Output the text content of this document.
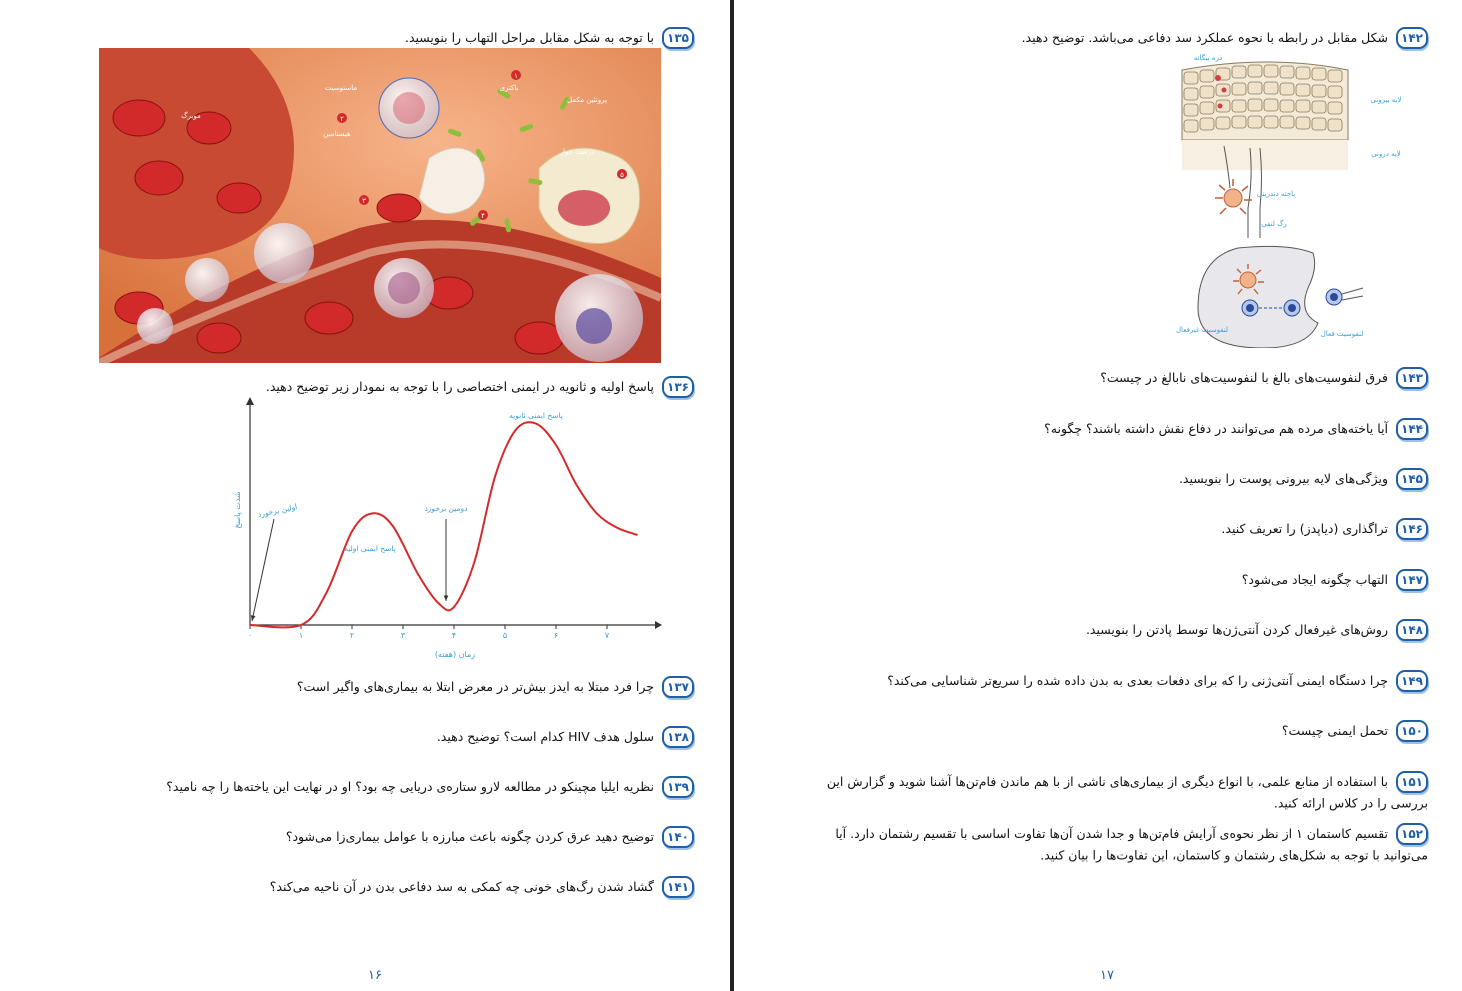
۱۳۵ با توجه به شکل مقابل مراحل التهاب را بنویسید.
مویرگ
ماستوسیت
هیستامین
باکتری
پروتئین مکمل
درشت خوار
۱
۲
۳
۴
۵
۱۳۶ پاسخ اولیه و ثانویه در ایمنی اختصاصی را با توجه به نمودار زیر توضیح دهید.
۰	۱	۲	۳	۴	۵	۶	۷
زمان (هفته)
شدت پاسخ اولین برخورد
پاسخ ایمنی اولیه
دومین برخورد
پاسخ ایمنی ثانویه
۱۳۷ چرا فرد مبتلا به ایدز بیش‌تر در معرض ابتلا به بیماری‌های واگیر است؟
۱۳۸ سلول هدف HIV کدام است؟ توضیح دهید.
۱۳۹ نظریه ایلیا مچینکو در مطالعه لارو ستاره‌ی دریایی چه بود؟ او در نهایت این یاخته‌ها را چه نامید؟
۱۴۰ توضیح دهید عرق کردن چگونه باعث مبارزه با عوامل بیماری‌زا می‌شود؟
۱۴۱ گشاد شدن رگ‌های خونی چه کمکی به سد دفاعی بدن در آن ناحیه می‌کند؟
۱۶
۱۴۲ شکل مقابل در رابطه با نحوه عملکرد سد دفاعی می‌باشد. توضیح دهید.
ذره بیگانه
لایه بیرونی
لایه درونی
یاخته دندریتی
رگ لنفی
لنفوسیت غیرفعال	لنفوسیت فعال
۱۴۳ فرق لنفوسیت‌های بالغ با لنفوسیت‌های نابالغ در چیست؟
۱۴۴ آیا یاخته‌های مرده هم می‌توانند در دفاع نقش داشته باشند؟ چگونه؟
۱۴۵ ویژگی‌های لایه بیرونی پوست را بنویسید.
۱۴۶ تراگذاری (دیاپدز) را تعریف کنید.
۱۴۷ التهاب چگونه ایجاد می‌شود؟
۱۴۸ روش‌های غیرفعال کردن آنتی‌ژن‌ها توسط پادتن را بنویسید.
۱۴۹ چرا دستگاه ایمنی آنتی‌ژنی را که برای دفعات بعدی به بدن داده شده را سریع‌تر شناسایی می‌کند؟
۱۵۰ تحمل ایمنی چیست؟
۱۵۱ با استفاده از منابع علمی، با انواع دیگری از بیماری‌های ناشی از با هم ماندن فام‌تن‌ها آشنا شوید و گزارش این بررسی را در کلاس ارائه کنید.
۱۵۲ تقسیم کاستمان ۱ از نظر نحوه‌ی آرایش فام‌تن‌ها و جدا شدن آن‌ها تفاوت اساسی با تقسیم رشتمان دارد. آیا می‌توانید با توجه به شکل‌های رشتمان و کاستمان، این تفاوت‌ها را بیان کنید.
۱۷
